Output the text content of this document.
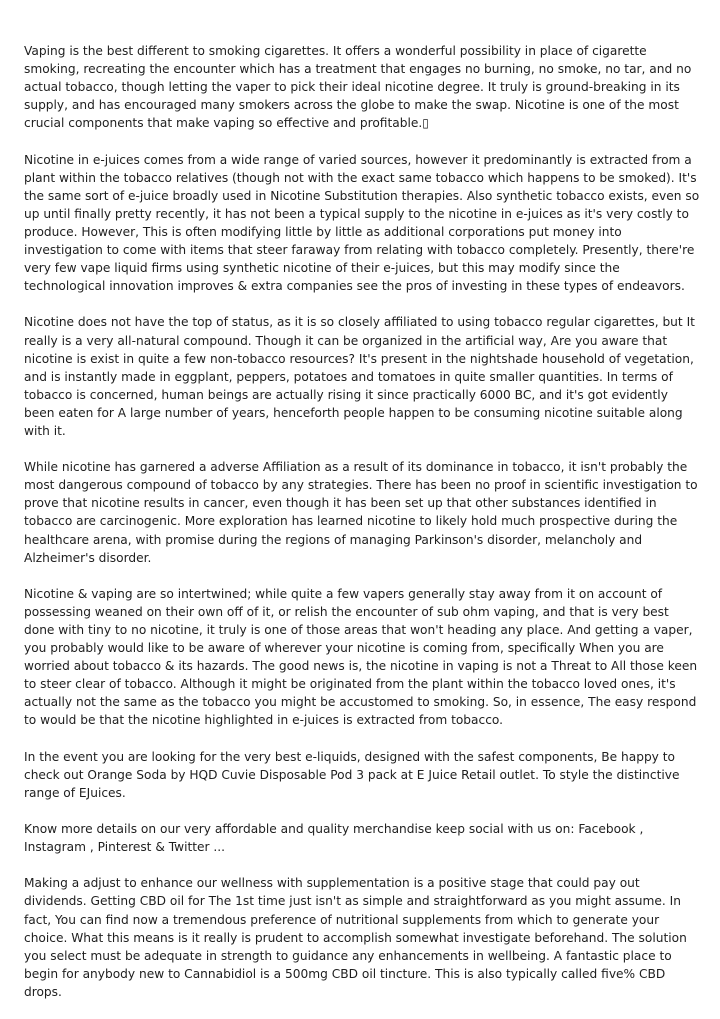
Vaping is the best different to smoking cigarettes. It offers a wonderful possibility in place of cigarette smoking, recreating the encounter which has a treatment that engages no burning, no smoke, no tar, and no actual tobacco, though letting the vaper to pick their ideal nicotine degree. It truly is ground-breaking in its supply, and has encouraged many smokers across the globe to make the swap. Nicotine is one of the most crucial components that make vaping so effective and profitable.▯

Nicotine in e-juices comes from a wide range of varied sources, however it predominantly is extracted from a plant within the tobacco relatives (though not with the exact same tobacco which happens to be smoked). It's the same sort of e-juice broadly used in Nicotine Substitution therapies. Also synthetic tobacco exists, even so up until finally pretty recently, it has not been a typical supply to the nicotine in e-juices as it's very costly to produce. However, This is often modifying little by little as additional corporations put money into investigation to come with items that steer faraway from relating with tobacco completely. Presently, there're very few vape liquid firms using synthetic nicotine of their e-juices, but this may modify since the technological innovation improves & extra companies see the pros of investing in these types of endeavors.

Nicotine does not have the top of status, as it is so closely affiliated to using tobacco regular cigarettes, but It really is a very all-natural compound. Though it can be organized in the artificial way, Are you aware that nicotine is exist in quite a few non-tobacco resources? It's present in the nightshade household of vegetation, and is instantly made in eggplant, peppers, potatoes and tomatoes in quite smaller quantities. In terms of tobacco is concerned, human beings are actually rising it since practically 6000 BC, and it's got evidently been eaten for A large number of years, henceforth people happen to be consuming nicotine suitable along with it.

While nicotine has garnered a adverse Affiliation as a result of its dominance in tobacco, it isn't probably the most dangerous compound of tobacco by any strategies. There has been no proof in scientific investigation to prove that nicotine results in cancer, even though it has been set up that other substances identified in tobacco are carcinogenic. More exploration has learned nicotine to likely hold much prospective during the healthcare arena, with promise during the regions of managing Parkinson's disorder, melancholy and Alzheimer's disorder.

Nicotine & vaping are so intertwined; while quite a few vapers generally stay away from it on account of possessing weaned on their own off of it, or relish the encounter of sub ohm vaping, and that is very best done with tiny to no nicotine, it truly is one of those areas that won't heading any place. And getting a vaper, you probably would like to be aware of wherever your nicotine is coming from, specifically When you are worried about tobacco & its hazards. The good news is, the nicotine in vaping is not a Threat to All those keen to steer clear of tobacco. Although it might be originated from the plant within the tobacco loved ones, it's actually not the same as the tobacco you might be accustomed to smoking. So, in essence, The easy respond to would be that the nicotine highlighted in e-juices is extracted from tobacco.

In the event you are looking for the very best e-liquids, designed with the safest components, Be happy to check out Orange Soda by HQD Cuvie Disposable Pod 3 pack at E Juice Retail outlet. To style the distinctive range of EJuices.

Know more details on our very affordable and quality merchandise keep social with us on: Facebook , Instagram , Pinterest & Twitter ...

Making a adjust to enhance our wellness with supplementation is a positive stage that could pay out dividends. Getting CBD oil for The 1st time just isn't as simple and straightforward as you might assume. In fact, You can find now a tremendous preference of nutritional supplements from which to generate your choice. What this means is it really is prudent to accomplish somewhat investigate beforehand. The solution you select must be adequate in strength to guidance any enhancements in wellbeing. A fantastic place to begin for anybody new to Cannabidiol is a 500mg CBD oil tincture. This is also typically called five% CBD drops.
